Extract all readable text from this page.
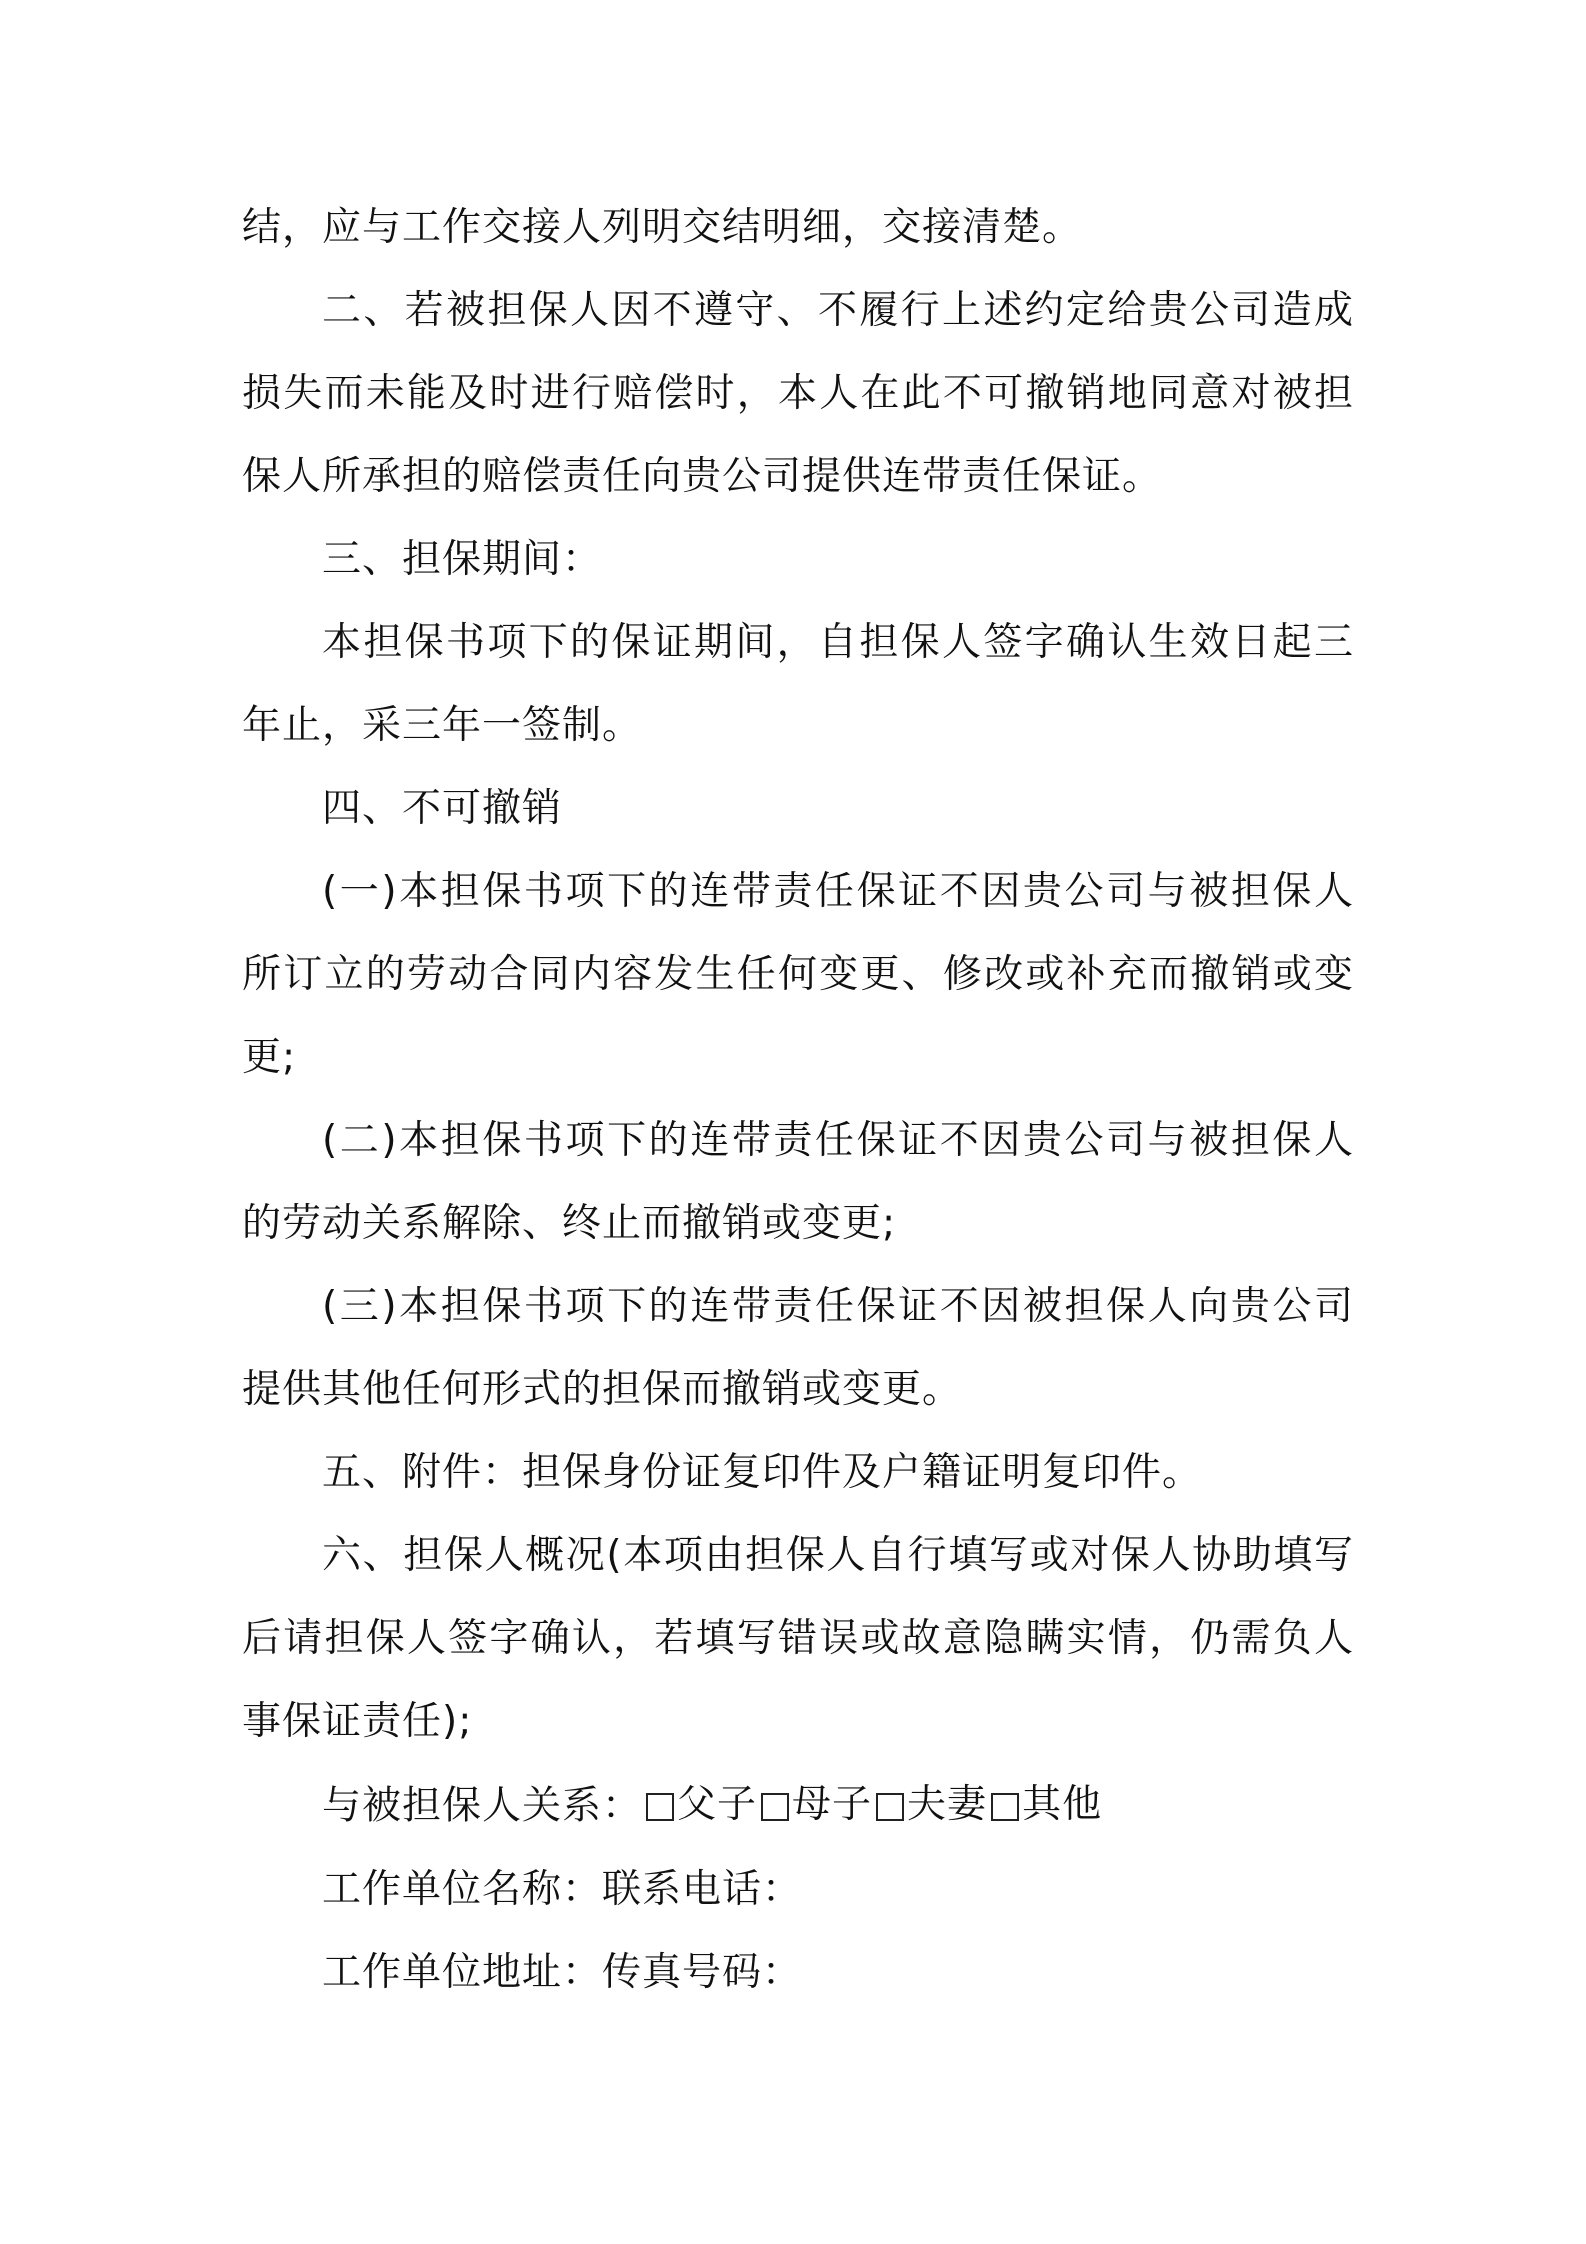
结，应与工作交接人列明交结明细，交接清楚。

二、若被担保人因不遵守、不履行上述约定给贵公司造成损失而未能及时进行赔偿时，本人在此不可撤销地同意对被担保人所承担的赔偿责任向贵公司提供连带责任保证。

三、担保期间：

本担保书项下的保证期间，自担保人签字确认生效日起三年止，采三年一签制。

四、不可撤销

(一)本担保书项下的连带责任保证不因贵公司与被担保人所订立的劳动合同内容发生任何变更、修改或补充而撤销或变更;

(二)本担保书项下的连带责任保证不因贵公司与被担保人的劳动关系解除、终止而撤销或变更;

(三)本担保书项下的连带责任保证不因被担保人向贵公司提供其他任何形式的担保而撤销或变更。

五、附件：担保身份证复印件及户籍证明复印件。

六、担保人概况(本项由担保人自行填写或对保人协助填写后请担保人签字确认，若填写错误或故意隐瞒实情，仍需负人事保证责任);

与被担保人关系： 父子 母子 夫妻 其他

工作单位名称：联系电话：

工作单位地址：传真号码：
